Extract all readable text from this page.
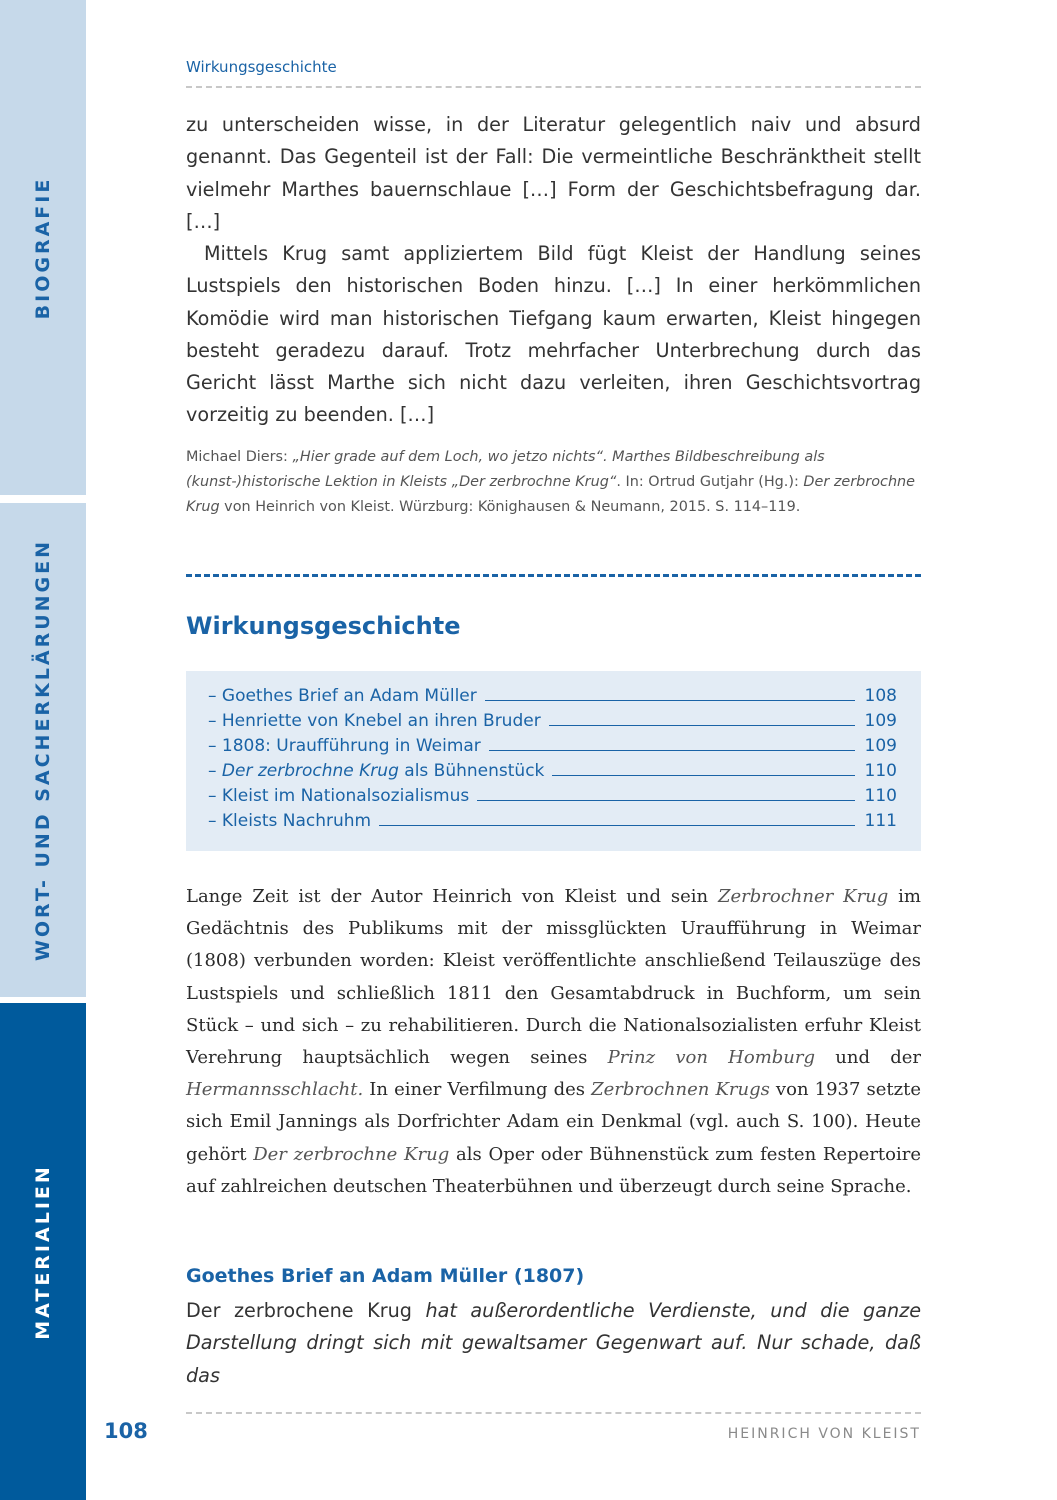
BIOGRAFIE
WORT- UND SACHERKLÄRUNGEN
MATERIALIEN
Wirkungsgeschichte
zu unterscheiden wisse, in der Literatur gelegentlich naiv und absurd genannt. Das Gegenteil ist der Fall: Die vermeintliche Beschränktheit stellt vielmehr Marthes bauernschlaue […] Form der Geschichtsbefragung dar. […]
Mittels Krug samt appliziertem Bild fügt Kleist der Handlung seines Lustspiels den historischen Boden hinzu. […] In einer herkömmlichen Komödie wird man historischen Tiefgang kaum erwarten, Kleist hingegen besteht geradezu darauf. Trotz mehrfacher Unterbrechung durch das Gericht lässt Marthe sich nicht dazu verleiten, ihren Geschichtsvortrag vorzeitig zu beenden. […]
Michael Diers: „Hier grade auf dem Loch, wo jetzo nichts“. Marthes Bildbeschreibung als (kunst-)historische Lektion in Kleists „Der zerbrochne Krug“. In: Ortrud Gutjahr (Hg.): Der zerbrochne Krug von Heinrich von Kleist. Würzburg: Könighausen & Neumann, 2015. S. 114–119.
Wirkungsgeschichte
– Goethes Brief an Adam Müller	108
– Henriette von Knebel an ihren Bruder	109
– 1808: Uraufführung in Weimar	109
– Der zerbrochne Krug als Bühnenstück	110
– Kleist im Nationalsozialismus	110
– Kleists Nachruhm	111
Lange Zeit ist der Autor Heinrich von Kleist und sein Zerbrochner Krug im Gedächtnis des Publikums mit der missglückten Uraufführung in Weimar (1808) verbunden worden: Kleist veröffentlichte anschließend Teilauszüge des Lustspiels und schließlich 1811 den Gesamtabdruck in Buchform, um sein Stück – und sich – zu rehabilitieren. Durch die Nationalsozialisten erfuhr Kleist Verehrung hauptsächlich wegen seines Prinz von Homburg und der Hermannsschlacht. In einer Verfilmung des Zerbrochnen Krugs von 1937 setzte sich Emil Jannings als Dorfrichter Adam ein Denkmal (vgl. auch S. 100). Heute gehört Der zerbrochne Krug als Oper oder Bühnenstück zum festen Repertoire auf zahlreichen deutschen Theaterbühnen und überzeugt durch seine Sprache.
Goethes Brief an Adam Müller (1807)
Der zerbrochene Krug hat außerordentliche Verdienste, und die ganze Darstellung dringt sich mit gewaltsamer Gegenwart auf. Nur schade, daß das
108	HEINRICH VON KLEIST
